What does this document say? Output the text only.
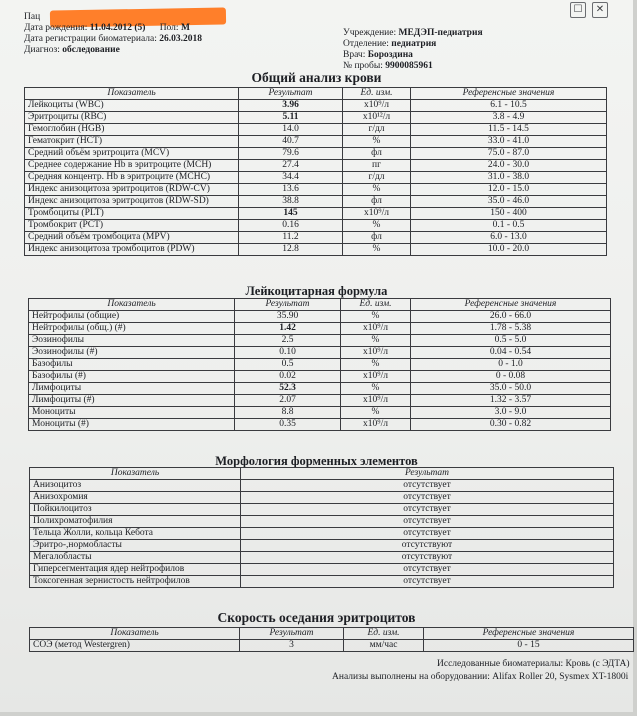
☐	✕
Пац
Дата рождения: 11.04.2012 (5) Пол: М
Дата регистрации биоматериала: 26.03.2018
Диагноз: обследование
Учреждение: МЕДЭП-педиатрия
Отделение: педиатрия
Врач: Бороздина
№ пробы: 9900085961
Общий анализ крови
Показатель	Результат	Ед. изм.	Референсные значения
Лейкоциты (WBC)	3.96	x10⁹/л	6.1 - 10.5
Эритроциты (RBC)	5.11	x10¹²/л	3.8 - 4.9
Гемоглобин (HGB)	14.0	г/дл	11.5 - 14.5
Гематокрит (HCT)	40.7	%	33.0 - 41.0
Средний объём эритроцита (MCV)	79.6	фл	75.0 - 87.0
Среднее содержание Hb в эритроците (MCH)	27.4	пг	24.0 - 30.0
Средняя концентр. Hb в эритроците (MCHC)	34.4	г/дл	31.0 - 38.0
Индекс анизоцитоза эритроцитов (RDW-CV)	13.6	%	12.0 - 15.0
Индекс анизоцитоза эритроцитов (RDW-SD)	38.8	фл	35.0 - 46.0
Тромбоциты (PLT)	145	x10⁹/л	150 - 400
Тромбокрит (PCT)	0.16	%	0.1 - 0.5
Средний объём тромбоцита (MPV)	11.2	фл	6.0 - 13.0
Индекс анизоцитоза тромбоцитов (PDW)	12.8	%	10.0 - 20.0
Лейкоцитарная формула
Показатель	Результат	Ед. изм.	Референсные значения
Нейтрофилы (общие)	35.90	%	26.0 - 66.0
Нейтрофилы (общ.) (#)	1.42	x10⁹/л	1.78 - 5.38
Эозинофилы	2.5	%	0.5 - 5.0
Эозинофилы (#)	0.10	x10⁹/л	0.04 - 0.54
Базофилы	0.5	%	0 - 1.0
Базофилы (#)	0.02	x10⁹/л	0 - 0.08
Лимфоциты	52.3	%	35.0 - 50.0
Лимфоциты (#)	2.07	x10⁹/л	1.32 - 3.57
Моноциты	8.8	%	3.0 - 9.0
Моноциты (#)	0.35	x10⁹/л	0.30 - 0.82
Морфология форменных элементов
Показатель	Результат
Анизоцитоз	отсутствует
Анизохромия	отсутствует
Пойкилоцитоз	отсутствует
Полихроматофилия	отсутствует
Тельца Жолли, кольца Кебота	отсутствует
Эритро-,нормобласты	отсутствуют
Мегалобласты	отсутствуют
Гиперсегментация ядер нейтрофилов	отсутствует
Токсогенная зернистость нейтрофилов	отсутствует
Скорость оседания эритроцитов
Показатель	Результат	Ед. изм.	Референсные значения
СОЭ (метод Westergren)	3	мм/час	0 - 15
Исследованные биоматериалы: Кровь (с ЭДТА)
Анализы выполнены на оборудовании: Alifax Roller 20, Sysmex XT-1800i
